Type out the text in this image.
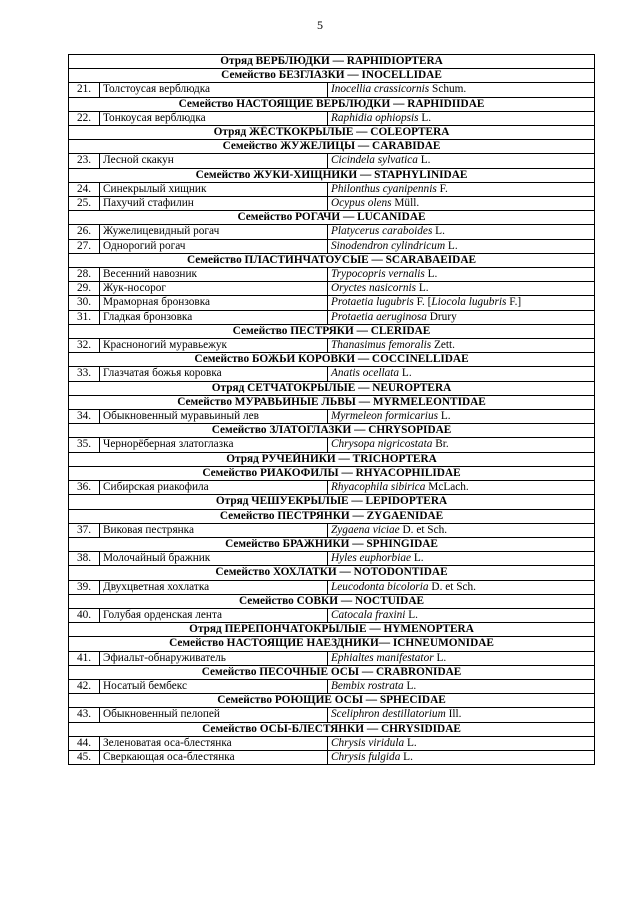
5
Отряд ВЕРБЛЮДКИ — RAPHIDIOPTERA		
Семейство БЕЗГЛАЗКИ — INOCELLIDAE		
21.	Толстоусая верблюдка	Inocellia crassicornis Schum.
Семейство НАСТОЯЩИЕ ВЕРБЛЮДКИ — RAPHIDIIDAE		
22.	Тонкоусая верблюдка	Raphidia ophiopsis L.
Отряд ЖЁСТКОКРЫЛЫЕ — COLEOPTERA		
Семейство ЖУЖЕЛИЦЫ — CARABIDAE		
23.	Лесной скакун	Cicindela sylvatica L.
Семейство ЖУКИ-ХИЩНИКИ — STAPHYLINIDAE		
24.	Синекрылый хищник	Philonthus cyanipennis F.
25.	Пахучий стафилин	Ocypus olens Müll.
Семейство РОГАЧИ — LUCANIDAE		
26.	Жужелицевидный рогач	Platycerus caraboides L.
27.	Однорогий рогач	Sinodendron cylindricum L.
Семейство ПЛАСТИНЧАТОУСЫЕ — SCARABAEIDAE		
28.	Весенний навозник	Trypocopris vernalis L.
29.	Жук-носорог	Oryctes nasicornis L.
30.	Мраморная бронзовка	Protaetia lugubris F. [Liocola lugubris F.]
31.	Гладкая бронзовка	Protaetia aeruginosa Drury
Семейство ПЕСТРЯКИ — CLERIDAE		
32.	Красноногий муравьежук	Thanasimus femoralis Zett.
Семейство БОЖЬИ КОРОВКИ — COCCINELLIDAE		
33.	Глазчатая божья коровка	Anatis ocellata L.
Отряд СЕТЧАТОКРЫЛЫЕ — NEUROPTERA		
Семейство МУРАВЬИНЫЕ ЛЬВЫ — MYRMELEONTIDAE		
34.	Обыкновенный муравьиный лев	Myrmeleon formicarius L.
Семейство ЗЛАТОГЛАЗКИ — CHRYSOPIDAE		
35.	Чернорёберная златоглазка	Chrysopa nigricostata Br.
Отряд РУЧЕЙНИКИ — TRICHOPTERA		
Семейство РИАКОФИЛЫ — RHYACOPHILIDAE		
36.	Сибирская риакофила	Rhyacophila sibirica McLach.
Отряд ЧЕШУЕКРЫЛЫЕ — LEPIDOPTERA		
Семейство ПЕСТРЯНКИ — ZYGAENIDAE		
37.	Виковая пестрянка	Zygaena viciae D. et Sch.
Семейство БРАЖНИКИ — SPHINGIDAE		
38.	Молочайный бражник	Hyles euphorbiae L.
Семейство ХОХЛАТКИ — NOTODONTIDAE		
39.	Двухцветная хохлатка	Leucodonta bicoloria D. et Sch.
Семейство СОВКИ — NOCTUIDAE		
40.	Голубая орденская лента	Catocala fraxini L.
Отряд ПЕРЕПОНЧАТОКРЫЛЫЕ — HYMENOPTERA		
Семейство НАСТОЯЩИЕ НАЕЗДНИКИ— ICHNEUMONIDAE		
41.	Эфиальт-обнаруживатель	Ephialtes manifestator L.
Семейство ПЕСОЧНЫЕ ОСЫ — CRABRONIDAE		
42.	Носатый бембекс	Bembix rostrata L.
Семейство РОЮЩИЕ ОСЫ — SPHECIDAE		
43.	Обыкновенный пелопей	Sceliphron destillatorium Ill.
Семейство ОСЫ-БЛЕСТЯНКИ — CHRYSIDIDAE		
44.	Зеленоватая оса-блестянка	Chrysis viridula L.
45.	Сверкающая оса-блестянка	Chrysis fulgida L.
